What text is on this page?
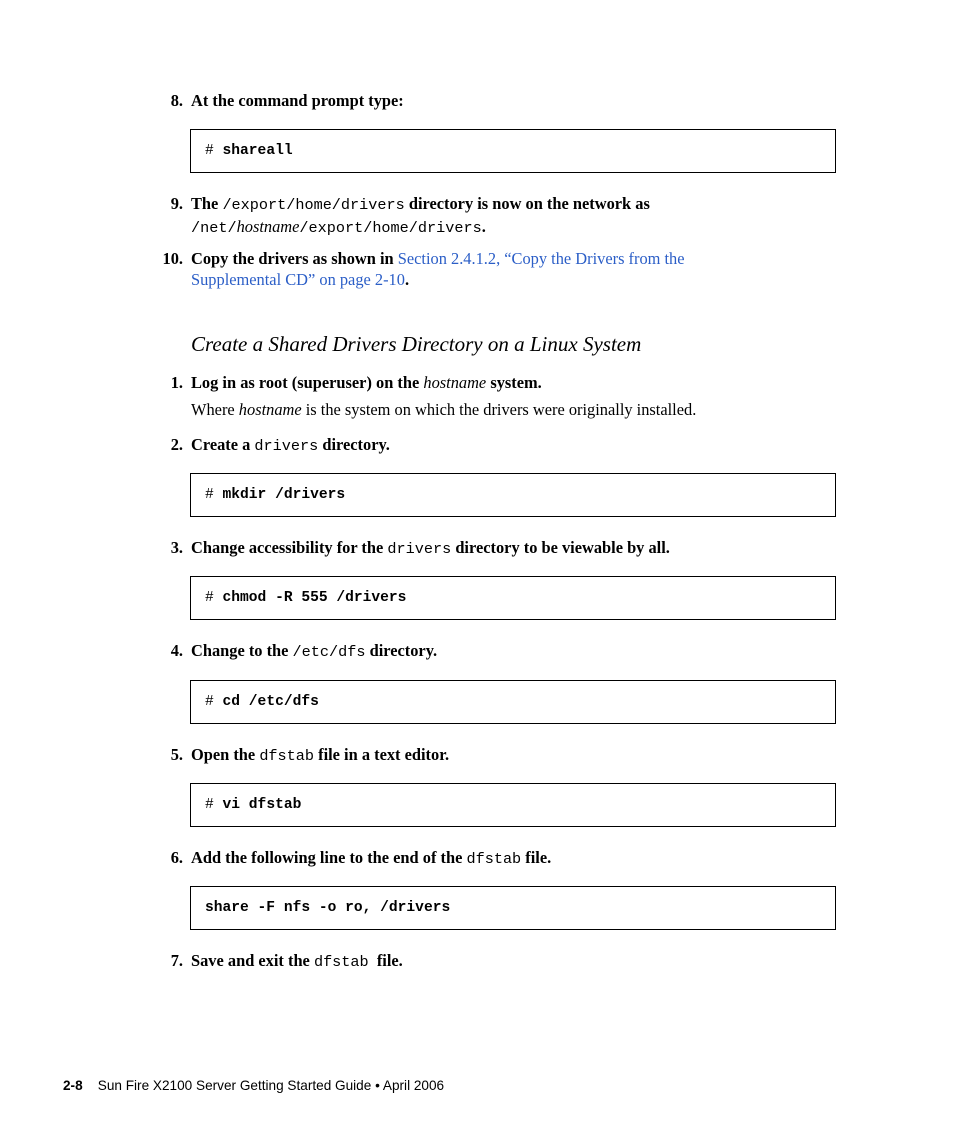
8. At the command prompt type:
# shareall
9. The /export/home/drivers directory is now on the network as
/net/hostname/export/home/drivers.
10. Copy the drivers as shown in Section 2.4.1.2, “Copy the Drivers from the Supplemental CD” on page 2-10.
Create a Shared Drivers Directory on a Linux System
1. Log in as root (superuser) on the hostname system.
Where hostname is the system on which the drivers were originally installed.
2. Create a drivers directory.
# mkdir /drivers
3. Change accessibility for the drivers directory to be viewable by all.
# chmod -R 555 /drivers
4. Change to the /etc/dfs directory.
# cd /etc/dfs
5. Open the dfstab file in a text editor.
# vi dfstab
6. Add the following line to the end of the dfstab file.
share -F nfs -o ro, /drivers
7. Save and exit the dfstab file.
2-8 Sun Fire X2100 Server Getting Started Guide • April 2006
